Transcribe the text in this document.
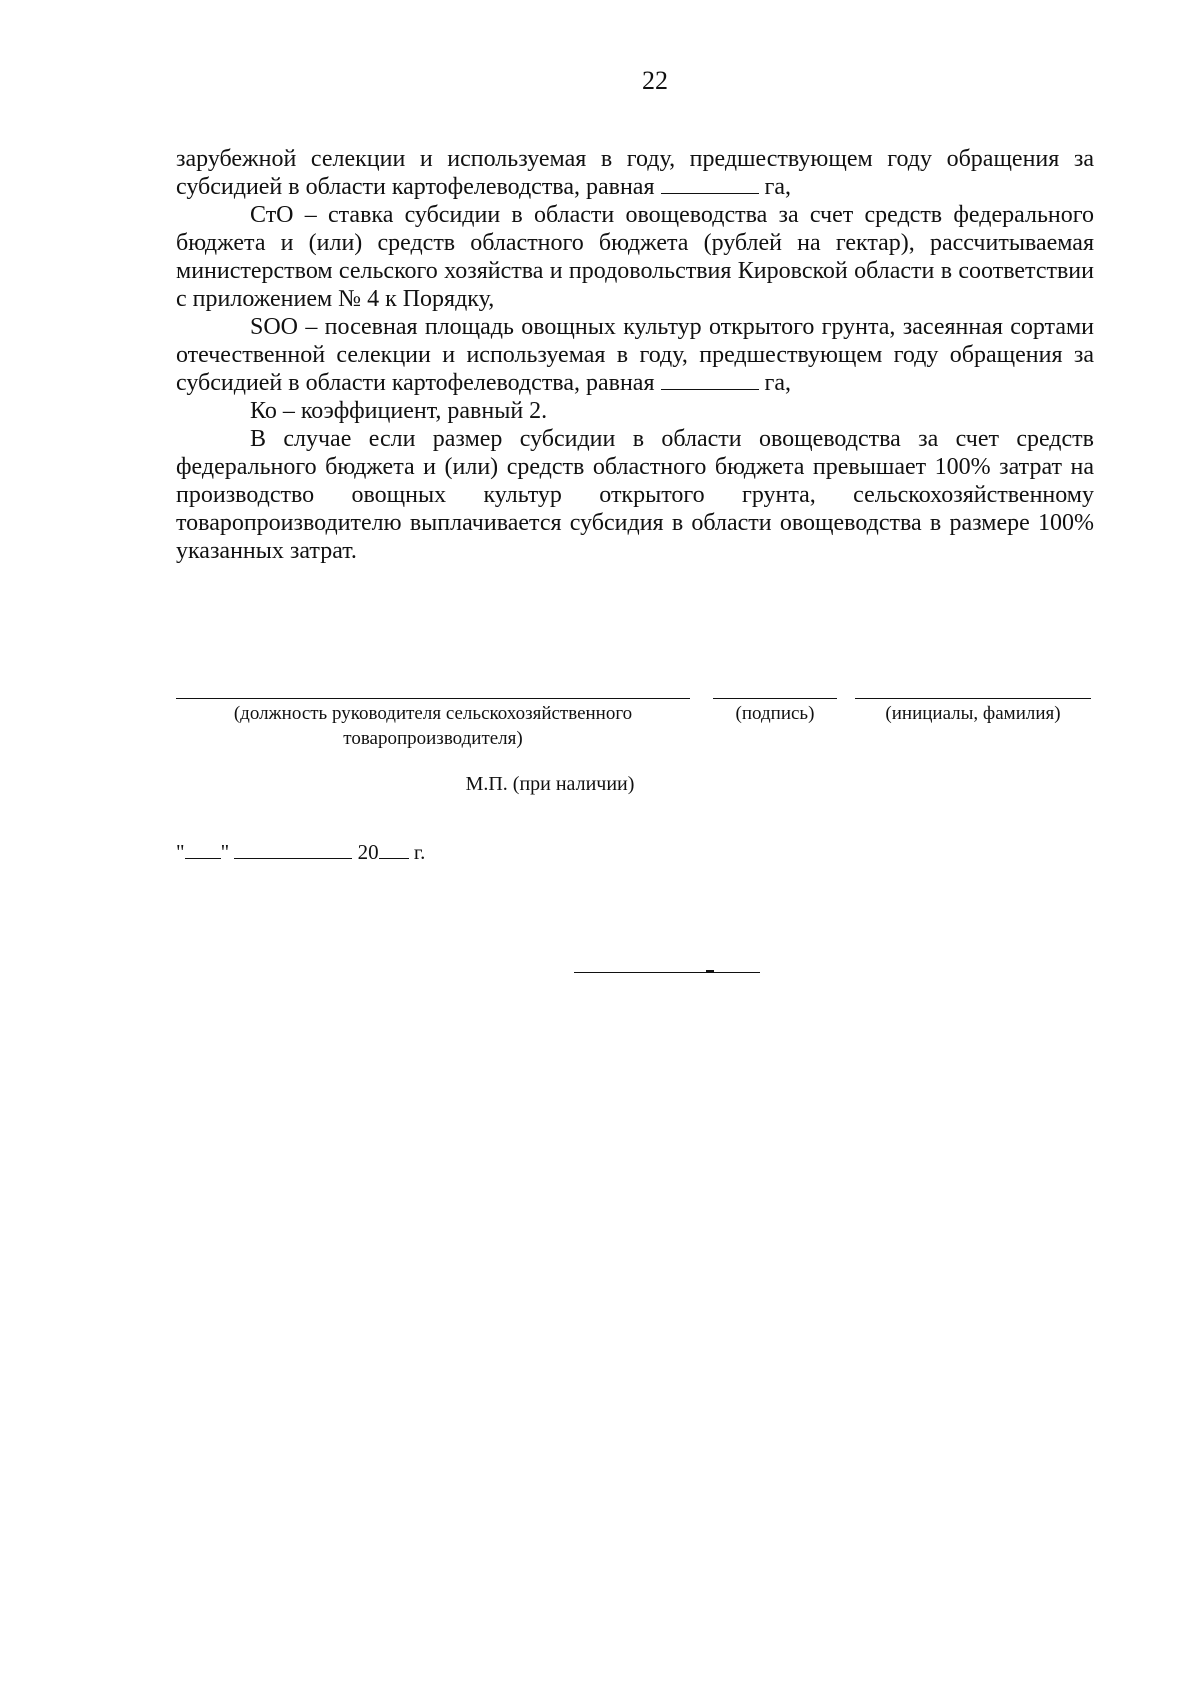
22

зарубежной селекции и используемая в году, предшествующем году обращения за субсидией в области картофелеводства, равная	га,

СтО – ставка субсидии в области овощеводства за счет средств федерального бюджета и (или) средств областного бюджета (рублей на гектар), рассчитываемая министерством сельского хозяйства и продовольствия Кировской области в соответствии с приложением № 4 к Порядку,

SOO – посевная площадь овощных культур открытого грунта, засеянная сортами отечественной селекции и используемая в году, предшествующем году обращения за субсидией в области картофелеводства, равная	га,

Ко – коэффициент, равный 2.

В случае если размер субсидии в области овощеводства за счет средств федерального бюджета и (или) средств областного бюджета превышает 100% затрат на производство овощных культур открытого грунта, сельскохозяйственному товаропроизводителю выплачивается субсидия в области овощеводства в размере 100% указанных затрат.

(должность руководителя сельскохозяйственного
товаропроизводителя)
(подпись)	(инициалы, фамилия)
М.П. (при наличии)
" "	20 г.
